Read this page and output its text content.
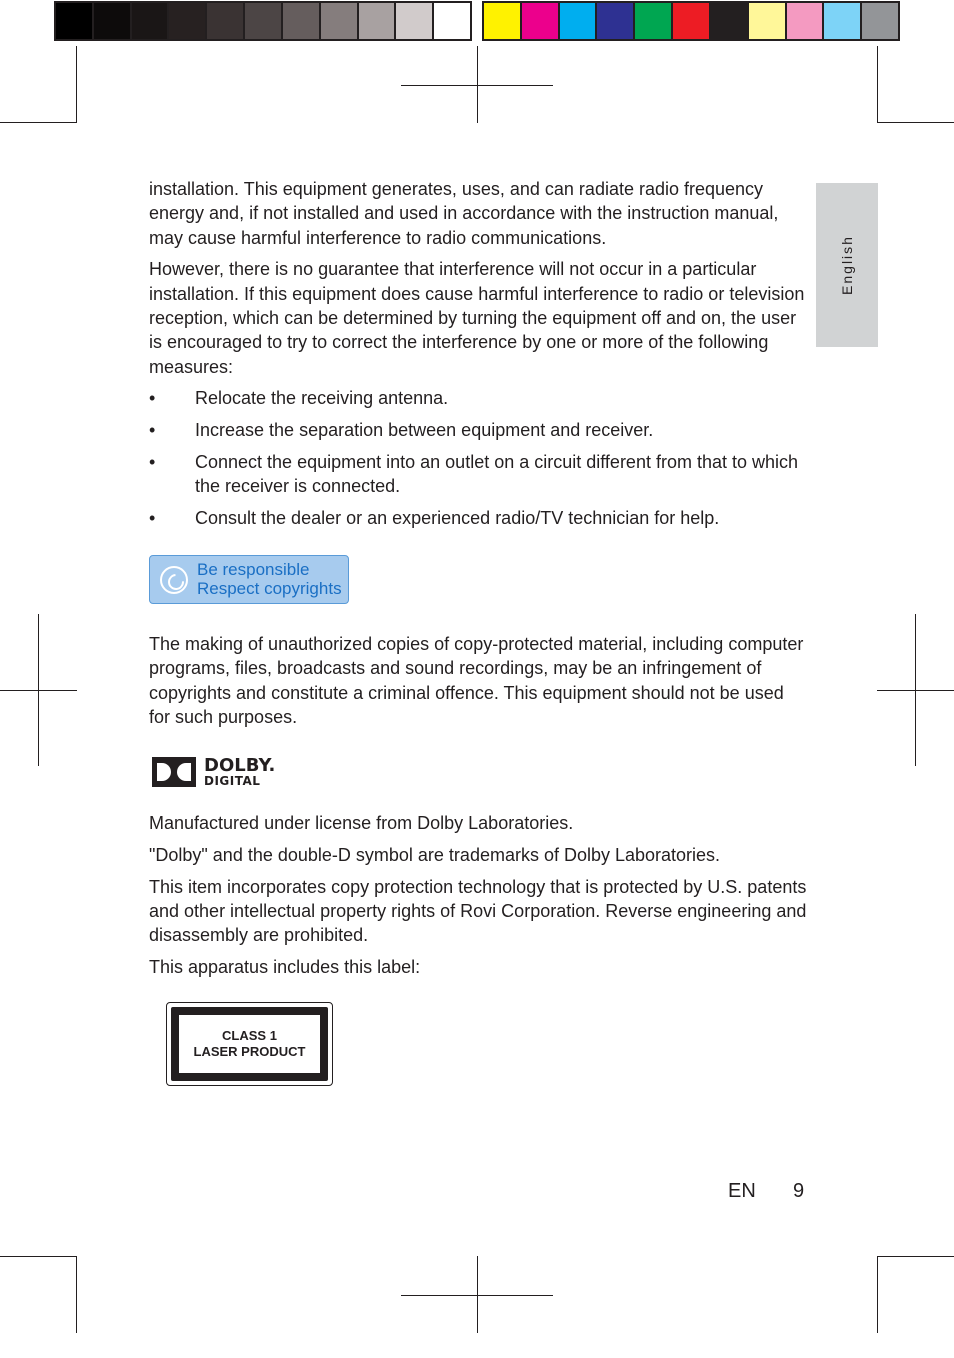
English

installation. This equipment generates, uses, and can radiate radio frequency energy and, if not installed and used in accordance with the instruction manual, may cause harmful interference to radio communications.

However, there is no guarantee that interference will not occur in a particular installation. If this equipment does cause harmful interference to radio or television reception, which can be determined by turning the equipment off and on, the user is encouraged to try to correct the interference by one or more of the following measures:

• Relocate the receiving antenna.
• Increase the separation between equipment and receiver.
• Connect the equipment into an outlet on a circuit different from that to which the receiver is connected.
• Consult the dealer or an experienced radio/TV technician for help.
Be responsible
Respect copyrights
The making of unauthorized copies of copy-protected material, including computer programs, files, broadcasts and sound recordings, may be an infringement of copyrights and constitute a criminal offence. This equipment should not be used for such purposes.
DOLBY.
DIGITAL

Manufactured under license from Dolby Laboratories.

"Dolby" and the double-D symbol are trademarks of Dolby Laboratories.

This item incorporates copy protection technology that is protected by U.S. patents and other intellectual property rights of Rovi Corporation. Reverse engineering and disassembly are prohibited.

This apparatus includes this label:

CLASS 1
LASER PRODUCT
EN 9
